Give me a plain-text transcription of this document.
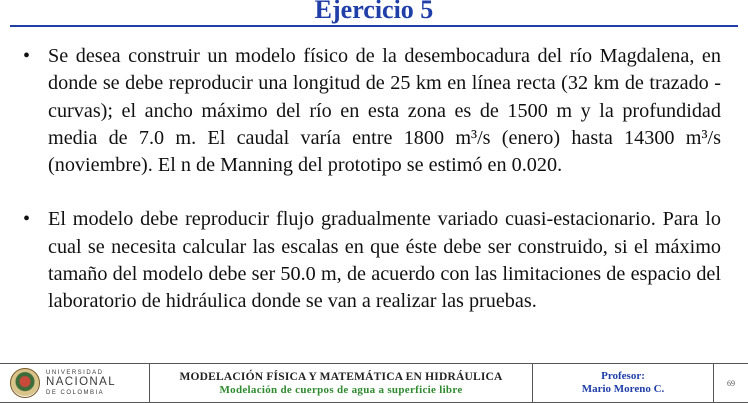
Ejercicio 5
• Se desea construir un modelo físico de la desembocadura del río Magdalena, en donde se debe reproducir una longitud de 25 km en línea recta (32 km de trazado - curvas); el ancho máximo del río en esta zona es de 1500 m y la profundidad media de 7.0 m. El caudal varía entre 1800 m³/s (enero) hasta 14300 m³/s (noviembre). El n de Manning del prototipo se estimó en 0.020.
• El modelo debe reproducir flujo gradualmente variado cuasi-estacionario. Para lo cual se necesita calcular las escalas en que éste debe ser construido, si el máximo tamaño del modelo debe ser 50.0 m, de acuerdo con las limitaciones de espacio del laboratorio de hidráulica donde se van a realizar las pruebas.
UNIVERSIDAD
NACIONAL
DE COLOMBIA
MODELACIÓN FÍSICA Y MATEMÁTICA EN HIDRÁULICA
Modelación de cuerpos de agua a superficie libre
Profesor:
Mario Moreno C.	69
